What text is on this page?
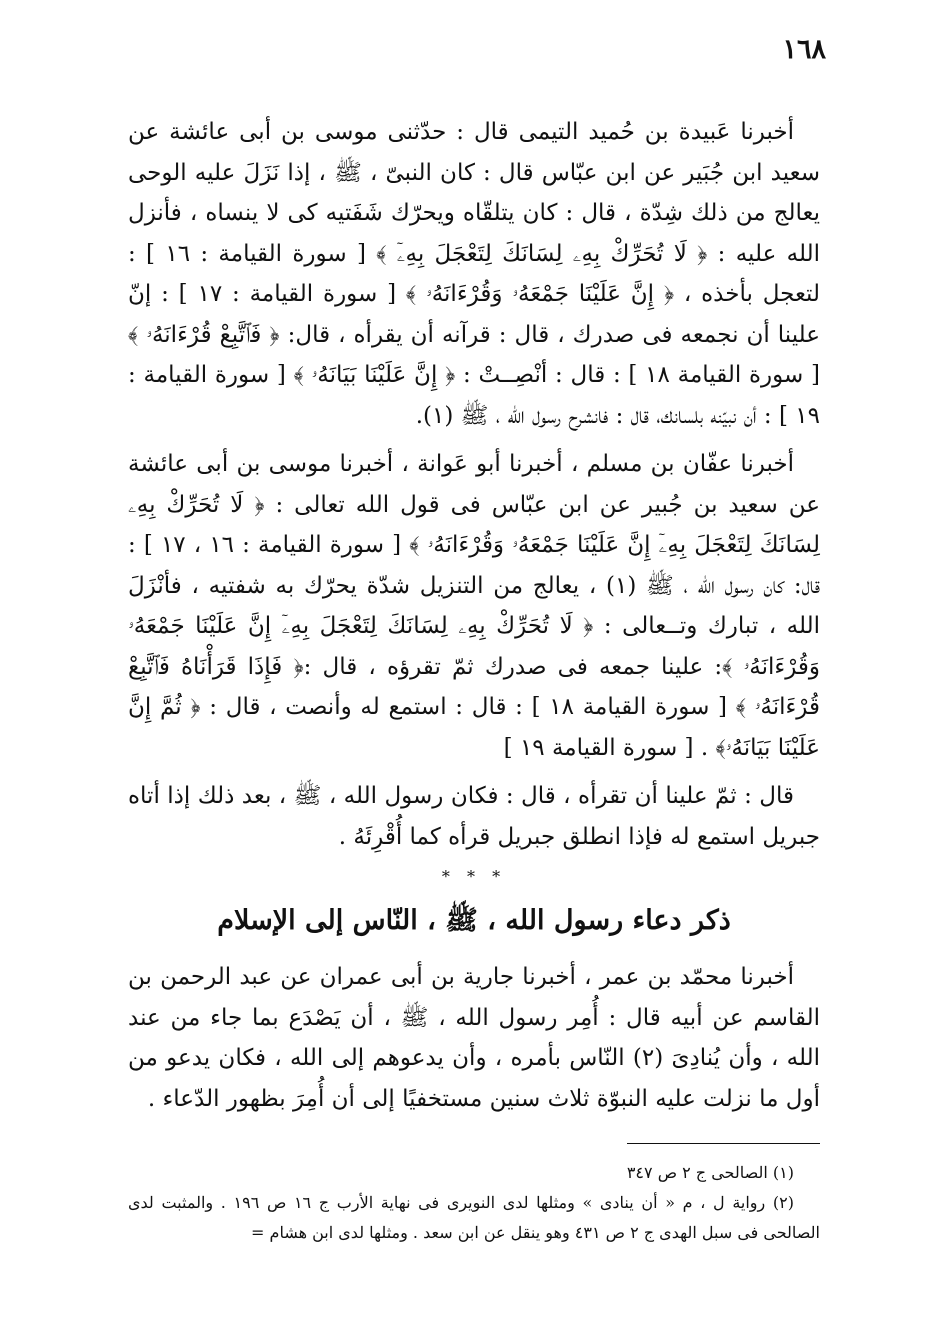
١٦٨

أخبرنا عَبيدة بن حُميد التيمى قال : حدّثنى موسى بن أبى عائشة عن سعيد ابن جُبَير عن ابن عبّاس قال : كان النبىّ ، ﷺ ، إذا نَزَلَ عليه الوحى يعالج من ذلك شِدّة ، قال : كان يتلقّاه ويحرّك شَفَتيه كى لا ينساه ، فأنزل الله عليه : ﴿ لَا تُحَرِّكْ بِهِۦ لِسَانَكَ لِتَعْجَلَ بِهِۦٓ ﴾ [ سورة القيامة : ١٦ ] : لتعجل بأخذه ، ﴿ إِنَّ عَلَيْنَا جَمْعَهُۥ وَقُرْءَانَهُۥ ﴾ [ سورة القيامة : ١٧ ] : إنّ علينا أن نجمعه فى صدرك ، قال : قرآنه أن يقرأه ، قال: ﴿ فَٱتَّبِعْ قُرْءَانَهُۥ ﴾ [ سورة القيامة ١٨ ] : قال : أنْصِــتْ : ﴿ إِنَّ عَلَيْنَا بَيَانَهُۥ ﴾ [ سورة القيامة : ١٩ ] : أن نبيّنه بلسانك، قال : فانشرح رسول الله ، ﷺ (١).

أخبرنا عفّان بن مسلم ، أخبرنا أبو عَوانة ، أخبرنا موسى بن أبى عائشة عن سعيد بن جُبير عن ابن عبّاس فى قول الله تعالى : ﴿ لَا تُحَرِّكْ بِهِۦ لِسَانَكَ لِتَعْجَلَ بِهِۦٓ إِنَّ عَلَيْنَا جَمْعَهُۥ وَقُرْءَانَهُۥ ﴾ [ سورة القيامة : ١٦ ، ١٧ ] : قال: كان رسول الله ، ﷺ (١) ، يعالج من التنزيل شدّة يحرّك به شفتيه ، فأنْزَلَ الله ، تبارك وتــعالى : ﴿ لَا تُحَرِّكْ بِهِۦ لِسَانَكَ لِتَعْجَلَ بِهِۦٓ إِنَّ عَلَيْنَا جَمْعَهُۥ وَقُرْءَانَهُۥ ﴾: علينا جمعه فى صدرك ثمّ تقرؤه ، قال :﴿ فَإِذَا قَرَأْنَاهُ فَٱتَّبِعْ قُرْءَانَهُۥ ﴾ [ سورة القيامة ١٨ ] : قال : استمع له وأنصت ، قال : ﴿ ثُمَّ إِنَّ عَلَيْنَا بَيَانَهُۥ﴾ . [ سورة القيامة ١٩ ]

قال : ثمّ علينا أن تقرأه ، قال : فكان رسول الله ، ﷺ ، بعد ذلك إذا أتاه جبريل استمع له فإذا انطلق جبريل قرأه كما أُقْرِئَهُ .

* * *
ذكر دعاء رسول الله ، ﷺ ، النّاس إلى الإسلام

أخبرنا محمّد بن عمر ، أخبرنا جارية بن أبى عمران عن عبد الرحمن بن القاسم عن أبيه قال : أُمِر رسول الله ، ﷺ ، أن يَصْدَع بما جاء من عند الله ، وأن يُنادِىَ (٢) النّاس بأمره ، وأن يدعوهم إلى الله ، فكان يدعو من أول ما نزلت عليه النبوّة ثلاث سنين مستخفيًا إلى أن أُمِرَ بظهور الدّعاء .

(١) الصالحى ج ٢ ص ٣٤٧

(٢) رواية ل ، م « أن ينادى » ومثلها لدى النويرى فى نهاية الأرب ج ١٦ ص ١٩٦ . والمثبت لدى الصالحى فى سبل الهدى ج ٢ ص ٤٣١ وهو ينقل عن ابن سعد . ومثلها لدى ابن هشام =
